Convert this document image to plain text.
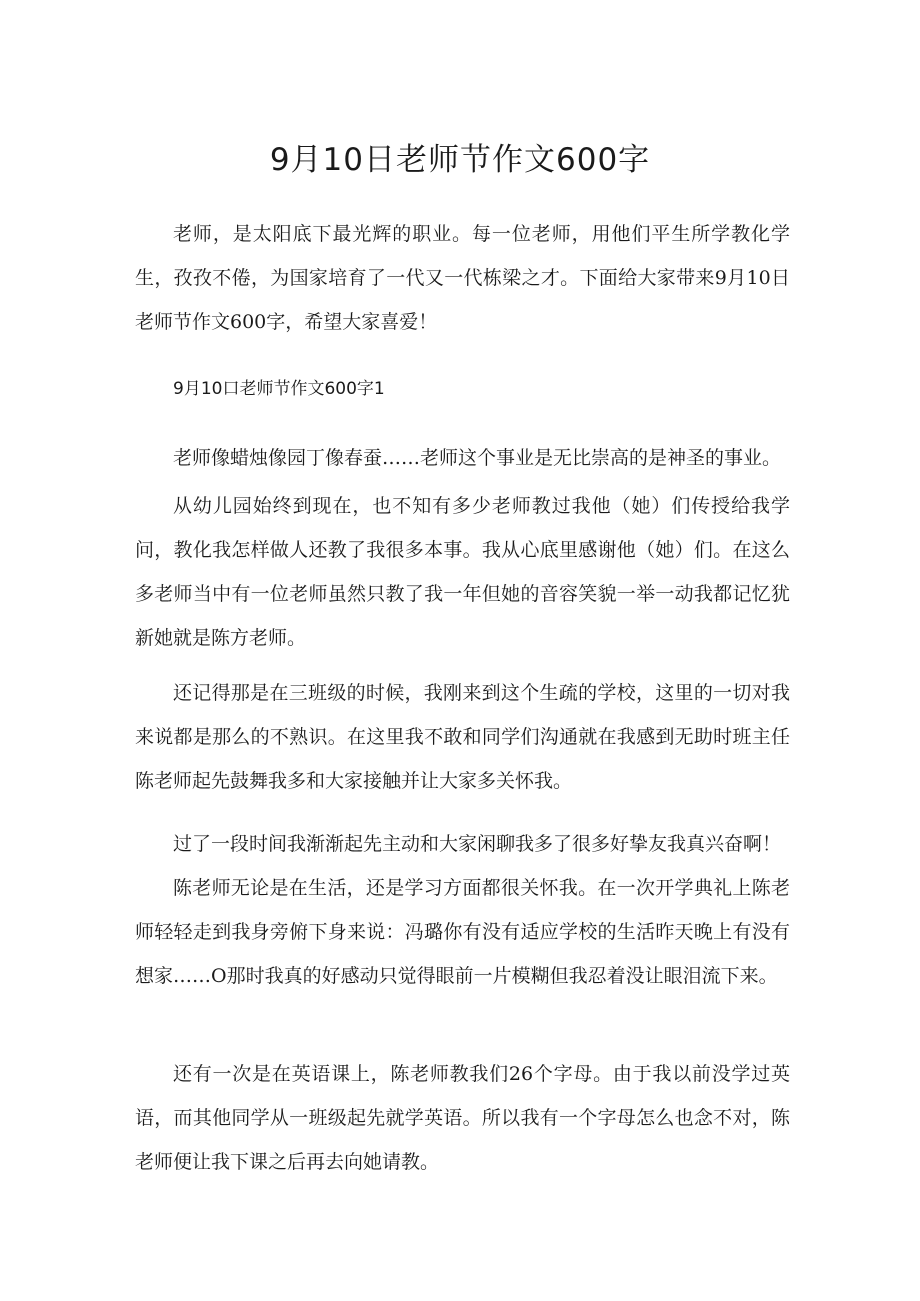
9月10日老师节作文600字

老师，是太阳底下最光辉的职业。每一位老师，用他们平生所学教化学生，孜孜不倦，为国家培育了一代又一代栋梁之才。下面给大家带来9月10日老师节作文600字，希望大家喜爱！

9月10口老师节作文600字1

老师像蜡烛像园丁像春蚕……老师这个事业是无比崇高的是神圣的事业。

从幼儿园始终到现在，也不知有多少老师教过我他（她）们传授给我学问，教化我怎样做人还教了我很多本事。我从心底里感谢他（她）们。在这么多老师当中有一位老师虽然只教了我一年但她的音容笑貌一举一动我都记忆犹新她就是陈方老师。

还记得那是在三班级的时候，我刚来到这个生疏的学校，这里的一切对我来说都是那么的不熟识。在这里我不敢和同学们沟通就在我感到无助时班主任陈老师起先鼓舞我多和大家接触并让大家多关怀我。

过了一段时间我渐渐起先主动和大家闲聊我多了很多好挚友我真兴奋啊！

陈老师无论是在生活，还是学习方面都很关怀我。在一次开学典礼上陈老师轻轻走到我身旁俯下身来说：冯璐你有没有适应学校的生活昨天晚上有没有想家……O那时我真的好感动只觉得眼前一片模糊但我忍着没让眼泪流下来。

还有一次是在英语课上，陈老师教我们26个字母。由于我以前没学过英语，而其他同学从一班级起先就学英语。所以我有一个字母怎么也念不对，陈老师便让我下课之后再去向她请教。
